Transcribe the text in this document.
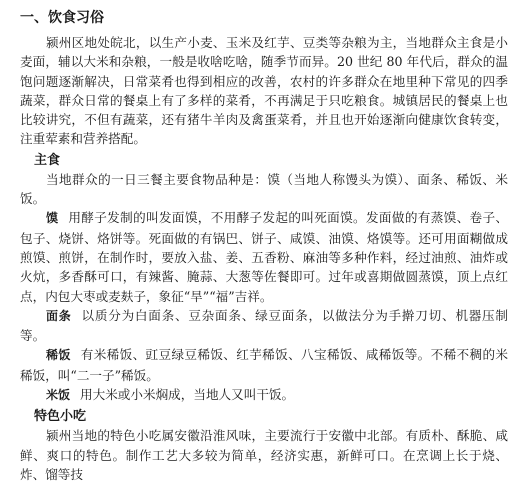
一、饮食习俗

颍州区地处皖北，以生产小麦、玉米及红芋、豆类等杂粮为主，当地群众主食是小麦面，辅以大米和杂粮，一般是收啥吃啥，随季节而异。20 世纪 80 年代后，群众的温饱问题逐渐解决，日常菜肴也得到相应的改善，农村的许多群众在地里种下常见的四季蔬菜，群众日常的餐桌上有了多样的菜肴，不再满足于只吃粮食。城镇居民的餐桌上也比较讲究，不但有蔬菜，还有猪牛羊肉及禽蛋菜肴，并且也开始逐渐向健康饮食转变，注重荤素和营养搭配。

主食

当地群众的一日三餐主要食物品种是：馍（当地人称馒头为馍）、面条、稀饭、米饭。

馍 用酵子发制的叫发面馍，不用酵子发起的叫死面馍。发面做的有蒸馍、卷子、包子、烧饼、烙饼等。死面做的有锅巴、饼子、咸馍、油馍、烙馍等。还可用面糊做成煎馍、煎饼，在制作时，要放入盐、姜、五香粉、麻油等多种作料，经过油煎、油炸或火炕，多香酥可口，有辣酱、腌蒜、大葱等佐餐即可。过年或喜期做圆蒸馍，顶上点红点，内包大枣或麦麸子，象征“旱”“福”吉祥。

面条 以质分为白面条、豆杂面条、绿豆面条，以做法分为手擀刀切、机器压制等。

稀饭 有米稀饭、豇豆绿豆稀饭、红芋稀饭、八宝稀饭、咸稀饭等。不稀不稠的米稀饭，叫“二一子”稀饭。

米饭 用大米或小米焖成，当地人又叫干饭。

特色小吃

颍州当地的特色小吃属安徽沿淮风味，主要流行于安徽中北部。有质朴、酥脆、咸鲜、爽口的特色。制作工艺大多较为简单，经济实惠，新鲜可口。在烹调上长于烧、炸、馏等技
